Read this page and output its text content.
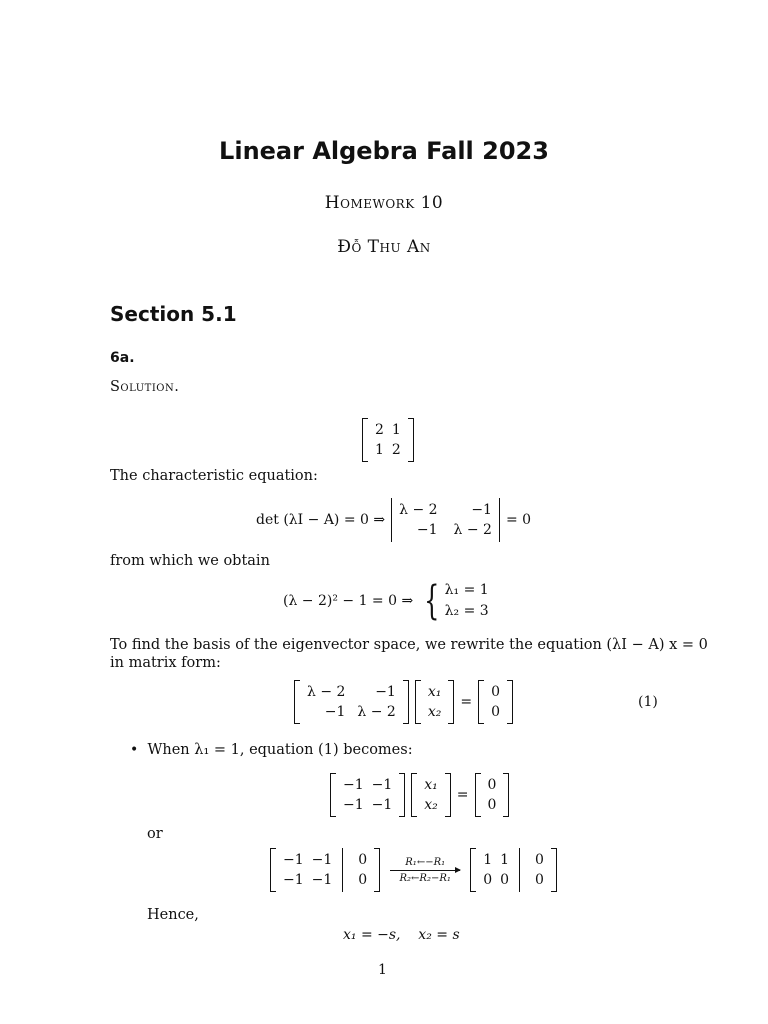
Linear Algebra Fall 2023
Homework 10
Đỗ Thu An
Section 5.1
6a.
Solution.
2 1
1 2
The characteristic equation:
det (λI − A) = 0 ⇒
λ − 2	−1
−1 λ − 2
= 0
from which we obtain
(λ − 2)² − 1 = 0 ⇒ { λ₁ = 1
λ₂ = 3
To find the basis of the eigenvector space, we rewrite the equation (λI − A) x = 0
in matrix form:
λ − 2	−1
−1 λ − 2
x₁
x₂
=
0
0
(1)
• When λ₁ = 1, equation (1) becomes:
−1 −1
−1 −1
x₁
x₂
=
0
0
or
−1 −1
−1 −1
0
0
R₁←−R₁
R₂←R₂−R₁
1 1
0 0
0
0
Hence,
x₁ = −s,    x₂ = s
1
